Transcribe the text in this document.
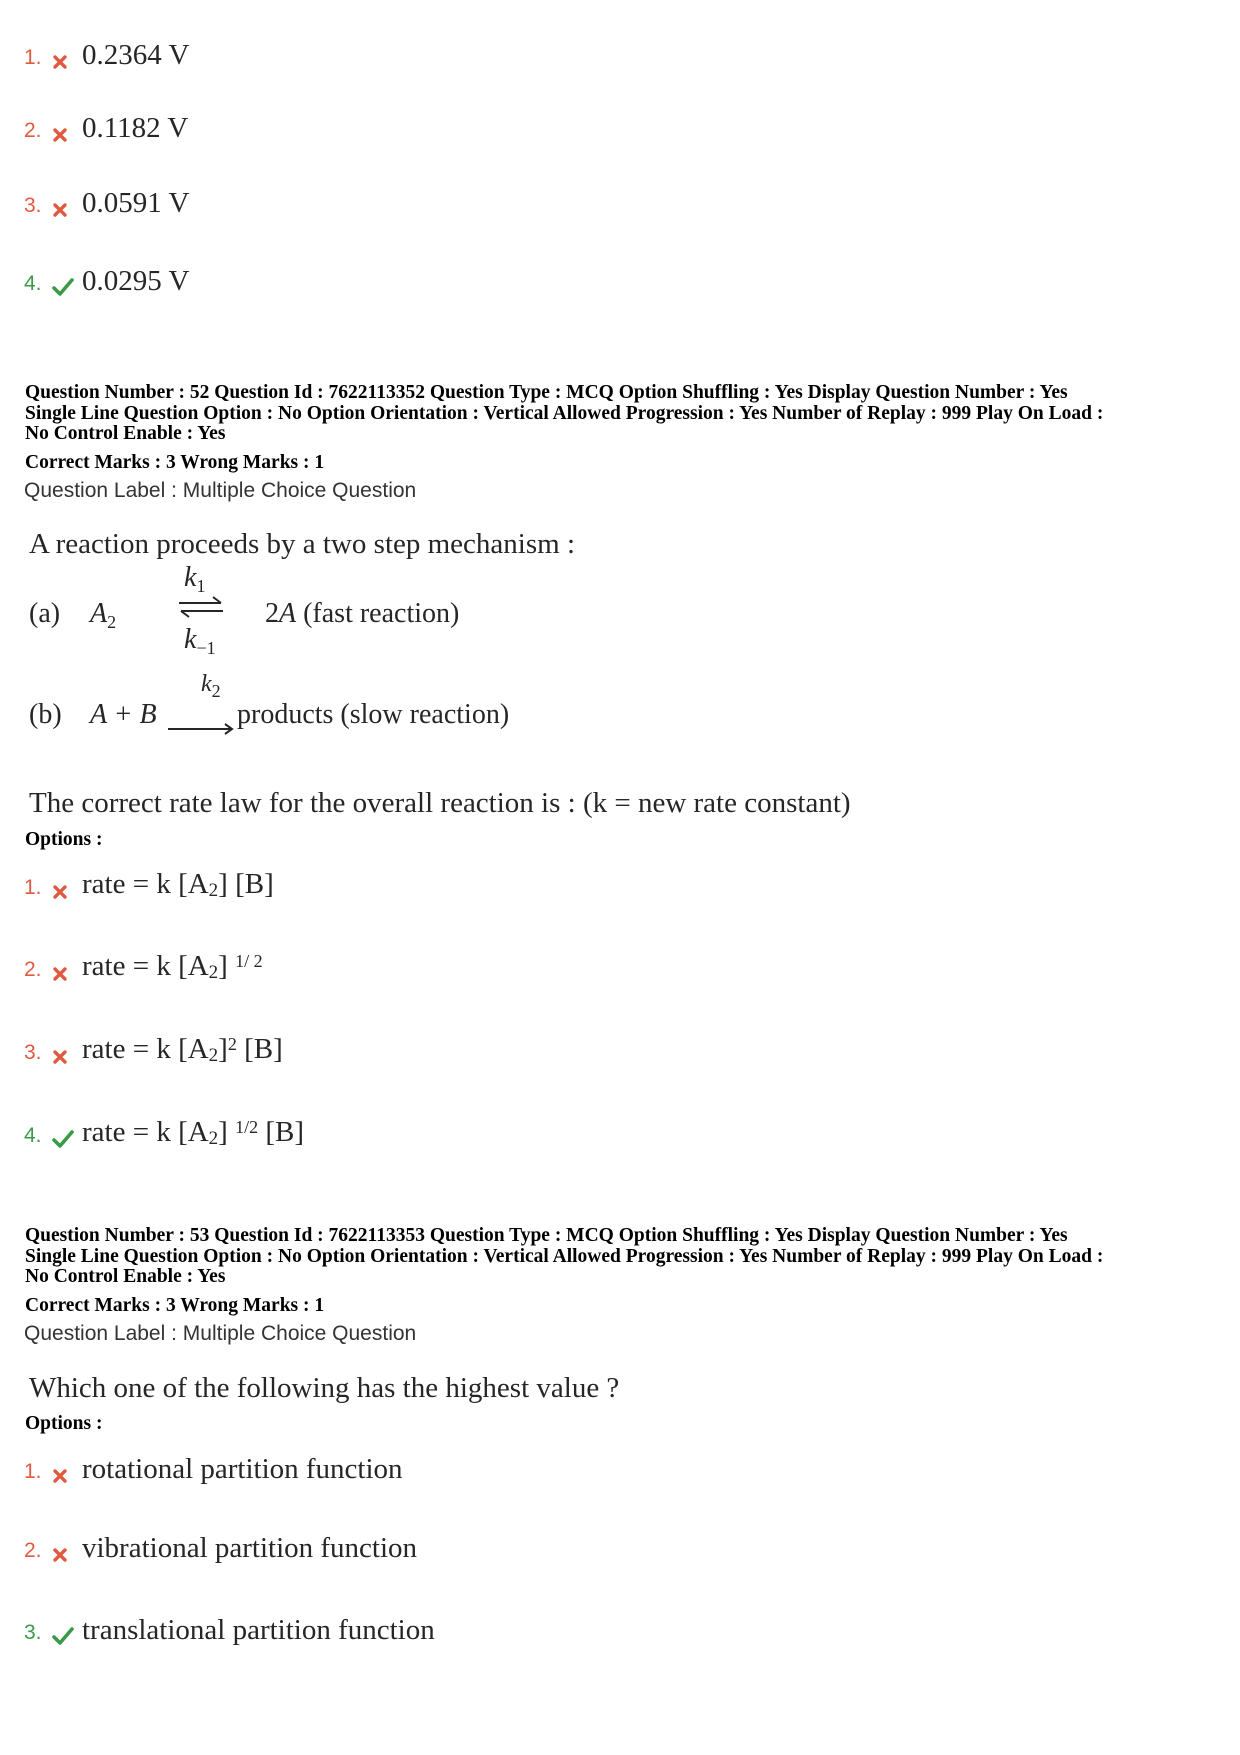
1.	0.2364 V
2.	0.1182 V
3.	0.0591 V
4.	0.0295 V
Question Number : 52 Question Id : 7622113352 Question Type : MCQ Option Shuffling : Yes Display Question Number : Yes
Single Line Question Option : No Option Orientation : Vertical Allowed Progression : Yes Number of Replay : 999 Play On Load :
No Control Enable : Yes
Correct Marks : 3 Wrong Marks : 1
Question Label : Multiple Choice Question
A reaction proceeds by a two step mechanism :
(a) $A_2$
$k_1$
$k_{-1}$
2A (fast reaction)
(b) A + B
$k_2$
→ products (slow reaction)
The correct rate law for the overall reaction is : (k = new rate constant)
Options :
1.	rate = k $[A_2]$ [B]
2.	rate = k $[A_2]$ $^{1/ 2}$
3.	rate = k $[A_2]^2$ [B]
4.	rate = k $[A_2]$ $^{1/2}$ [B]
Question Number : 53 Question Id : 7622113353 Question Type : MCQ Option Shuffling : Yes Display Question Number : Yes
Single Line Question Option : No Option Orientation : Vertical Allowed Progression : Yes Number of Replay : 999 Play On Load :
No Control Enable : Yes
Correct Marks : 3 Wrong Marks : 1
Question Label : Multiple Choice Question
Which one of the following has the highest value ?
Options :
1.	rotational partition function
2.	vibrational partition function
3.	translational partition function
